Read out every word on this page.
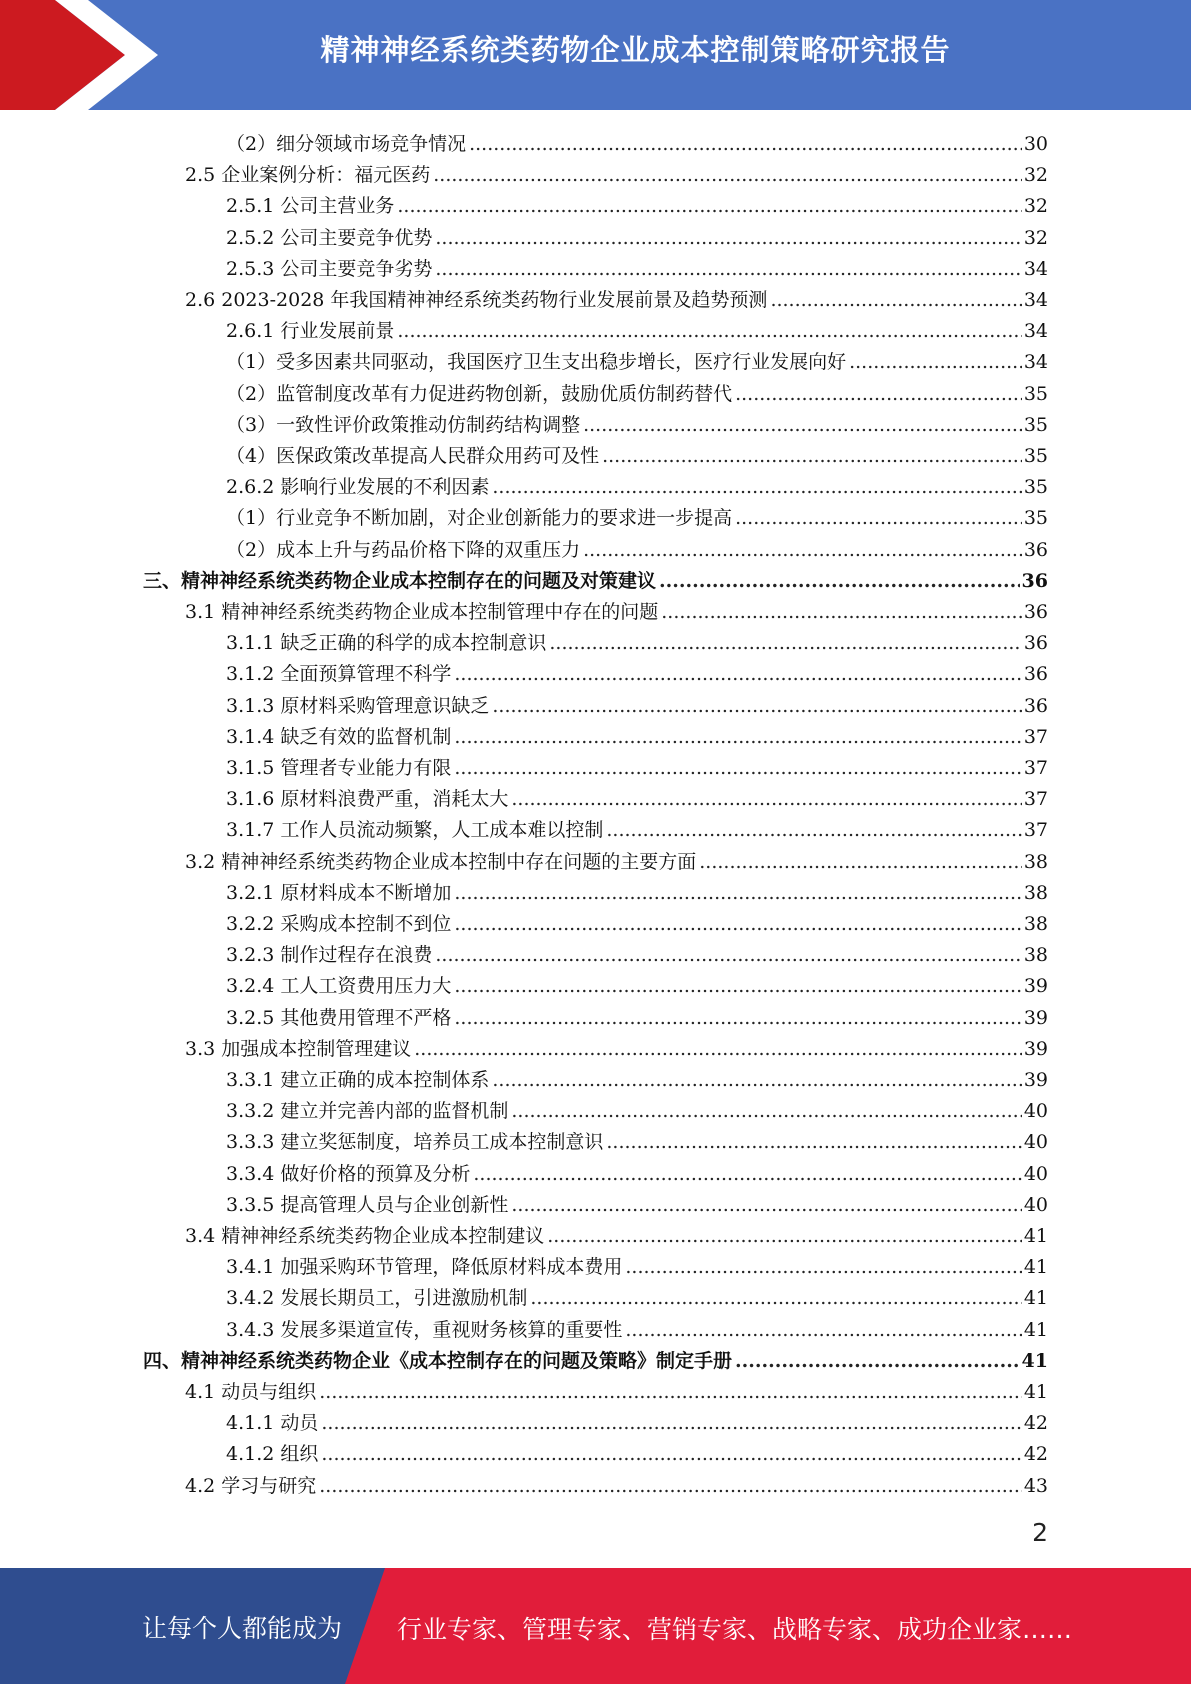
精神神经系统类药物企业成本控制策略研究报告
（2）细分领域市场竞争情况 .....	30
2.5 企业案例分析：福元医药 .....	32
2.5.1 公司主营业务 .....	32
2.5.2 公司主要竞争优势 .....	32
2.5.3 公司主要竞争劣势 .....	34
2.6 2023-2028 年我国精神神经系统类药物行业发展前景及趋势预测 .....	34
2.6.1 行业发展前景 .....	34
（1）受多因素共同驱动，我国医疗卫生支出稳步增长，医疗行业发展向好 .....	34
（2）监管制度改革有力促进药物创新，鼓励优质仿制药替代 .....	35
（3）一致性评价政策推动仿制药结构调整 .....	35
（4）医保政策改革提高人民群众用药可及性 .....	35
2.6.2 影响行业发展的不利因素 .....	35
（1）行业竞争不断加剧，对企业创新能力的要求进一步提高 .....	35
（2）成本上升与药品价格下降的双重压力 .....	36
三、精神神经系统类药物企业成本控制存在的问题及对策建议 .....	36
3.1 精神神经系统类药物企业成本控制管理中存在的问题 .....	36
3.1.1 缺乏正确的科学的成本控制意识 .....	36
3.1.2 全面预算管理不科学 .....	36
3.1.3 原材料采购管理意识缺乏 .....	36
3.1.4 缺乏有效的监督机制 .....	37
3.1.5 管理者专业能力有限 .....	37
3.1.6 原材料浪费严重，消耗太大 .....	37
3.1.7 工作人员流动频繁，人工成本难以控制 .....	37
3.2 精神神经系统类药物企业成本控制中存在问题的主要方面 .....	38
3.2.1 原材料成本不断增加 .....	38
3.2.2 采购成本控制不到位 .....	38
3.2.3 制作过程存在浪费 .....	38
3.2.4 工人工资费用压力大 .....	39
3.2.5 其他费用管理不严格 .....	39
3.3 加强成本控制管理建议 .....	39
3.3.1 建立正确的成本控制体系 .....	39
3.3.2 建立并完善内部的监督机制 .....	40
3.3.3 建立奖惩制度，培养员工成本控制意识 .....	40
3.3.4 做好价格的预算及分析 .....	40
3.3.5 提高管理人员与企业创新性 .....	40
3.4 精神神经系统类药物企业成本控制建议 .....	41
3.4.1 加强采购环节管理，降低原材料成本费用 .....	41
3.4.2 发展长期员工，引进激励机制 .....	41
3.4.3 发展多渠道宣传，重视财务核算的重要性 .....	41
四、精神神经系统类药物企业《成本控制存在的问题及策略》制定手册 .....	41
4.1 动员与组织 .....	41
4.1.1 动员 .....	42
4.1.2 组织 .....	42
4.2 学习与研究 .....	43
2
让每个人都能成为 行业专家、管理专家、营销专家、战略专家、成功企业家……
